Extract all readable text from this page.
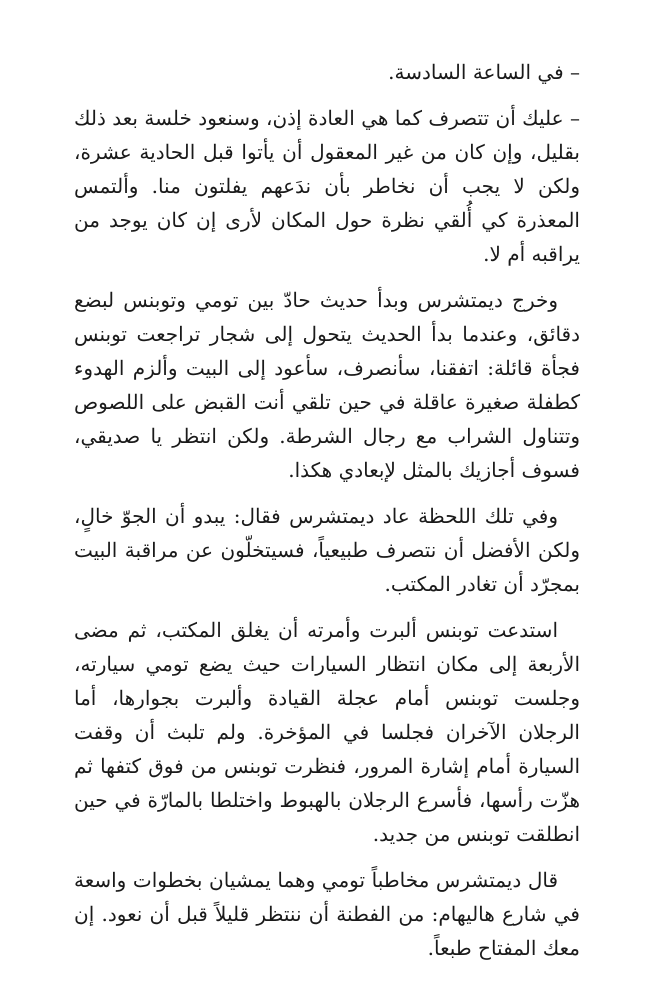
– في الساعة السادسة.

– عليك أن تتصرف كما هي العادة إذن، وسنعود خلسة بعد ذلك بقليل، وإن كان من غير المعقول أن يأتوا قبل الحادية عشرة، ولكن لا يجب أن نخاطر بأن ندَعهم يفلتون منا. وألتمس المعذرة كي أُلقي نظرة حول المكان لأرى إن كان يوجد من يراقبه أم لا.

وخرج ديمتشرس وبدأ حديث حادّ بين تومي وتوبنس لبضع دقائق، وعندما بدأ الحديث يتحول إلى شجار تراجعت توبنس فجأة قائلة: اتفقنا، سأنصرف، سأعود إلى البيت وألزم الهدوء كطفلة صغيرة عاقلة في حين تلقي أنت القبض على اللصوص وتتناول الشراب مع رجال الشرطة. ولكن انتظر يا صديقي، فسوف أجازيك بالمثل لإبعادي هكذا.

وفي تلك اللحظة عاد ديمتشرس فقال: يبدو أن الجوّ خالٍ، ولكن الأفضل أن نتصرف طبيعياً، فسيتخلّون عن مراقبة البيت بمجرّد أن تغادر المكتب.

استدعت توبنس ألبرت وأمرته أن يغلق المكتب، ثم مضى الأربعة إلى مكان انتظار السيارات حيث يضع تومي سيارته، وجلست توبنس أمام عجلة القيادة وألبرت بجوارها، أما الرجلان الآخران فجلسا في المؤخرة. ولم تلبث أن وقفت السيارة أمام إشارة المرور، فنظرت توبنس من فوق كتفها ثم هزّت رأسها، فأسرع الرجلان بالهبوط واختلطا بالمارّة في حين انطلقت توبنس من جديد.

قال ديمتشرس مخاطباً تومي وهما يمشيان بخطوات واسعة في شارع هاليهام: من الفطنة أن ننتظر قليلاً قبل أن نعود. إن معك المفتاح طبعاً.
